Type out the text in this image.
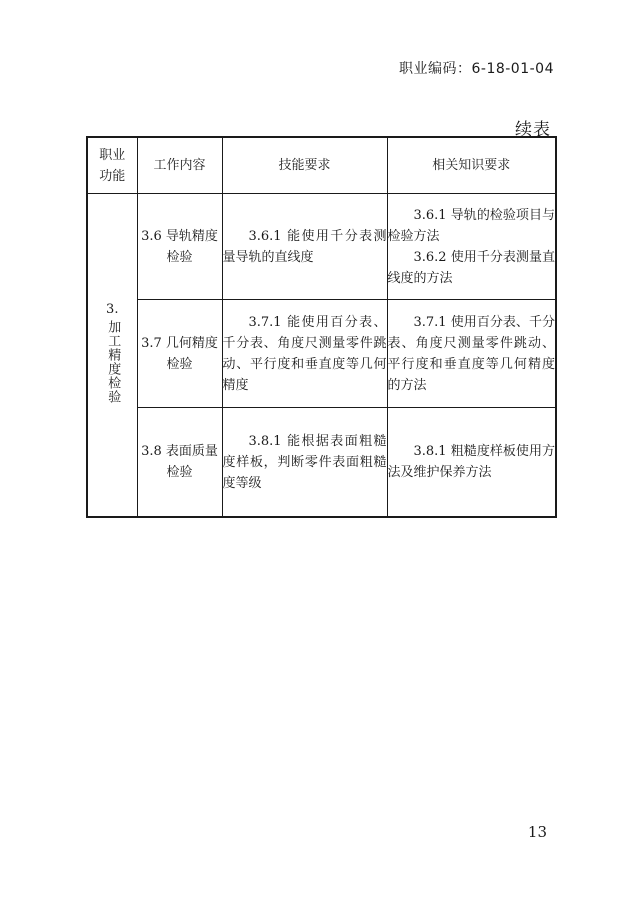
职业编码：6-18-01-04
续表
职业
功能	工作内容	技能要求	相关知识要求

3.
加工精度检验	3.6 导轨精度检验	3.6.1 能使用千分表测量导轨的直线度	3.6.1 导轨的检验项目与检验方法
3.6.2 使用千分表测量直线度的方法

	3.7 几何精度检验	3.7.1 能使用百分表、千分表、角度尺测量零件跳动、平行度和垂直度等几何精度	3.7.1 使用百分表、千分表、角度尺测量零件跳动、平行度和垂直度等几何精度的方法

	3.8 表面质量检验	3.8.1 能根据表面粗糙度样板，判断零件表面粗糙度等级	3.8.1 粗糙度样板使用方法及维护保养方法
13
